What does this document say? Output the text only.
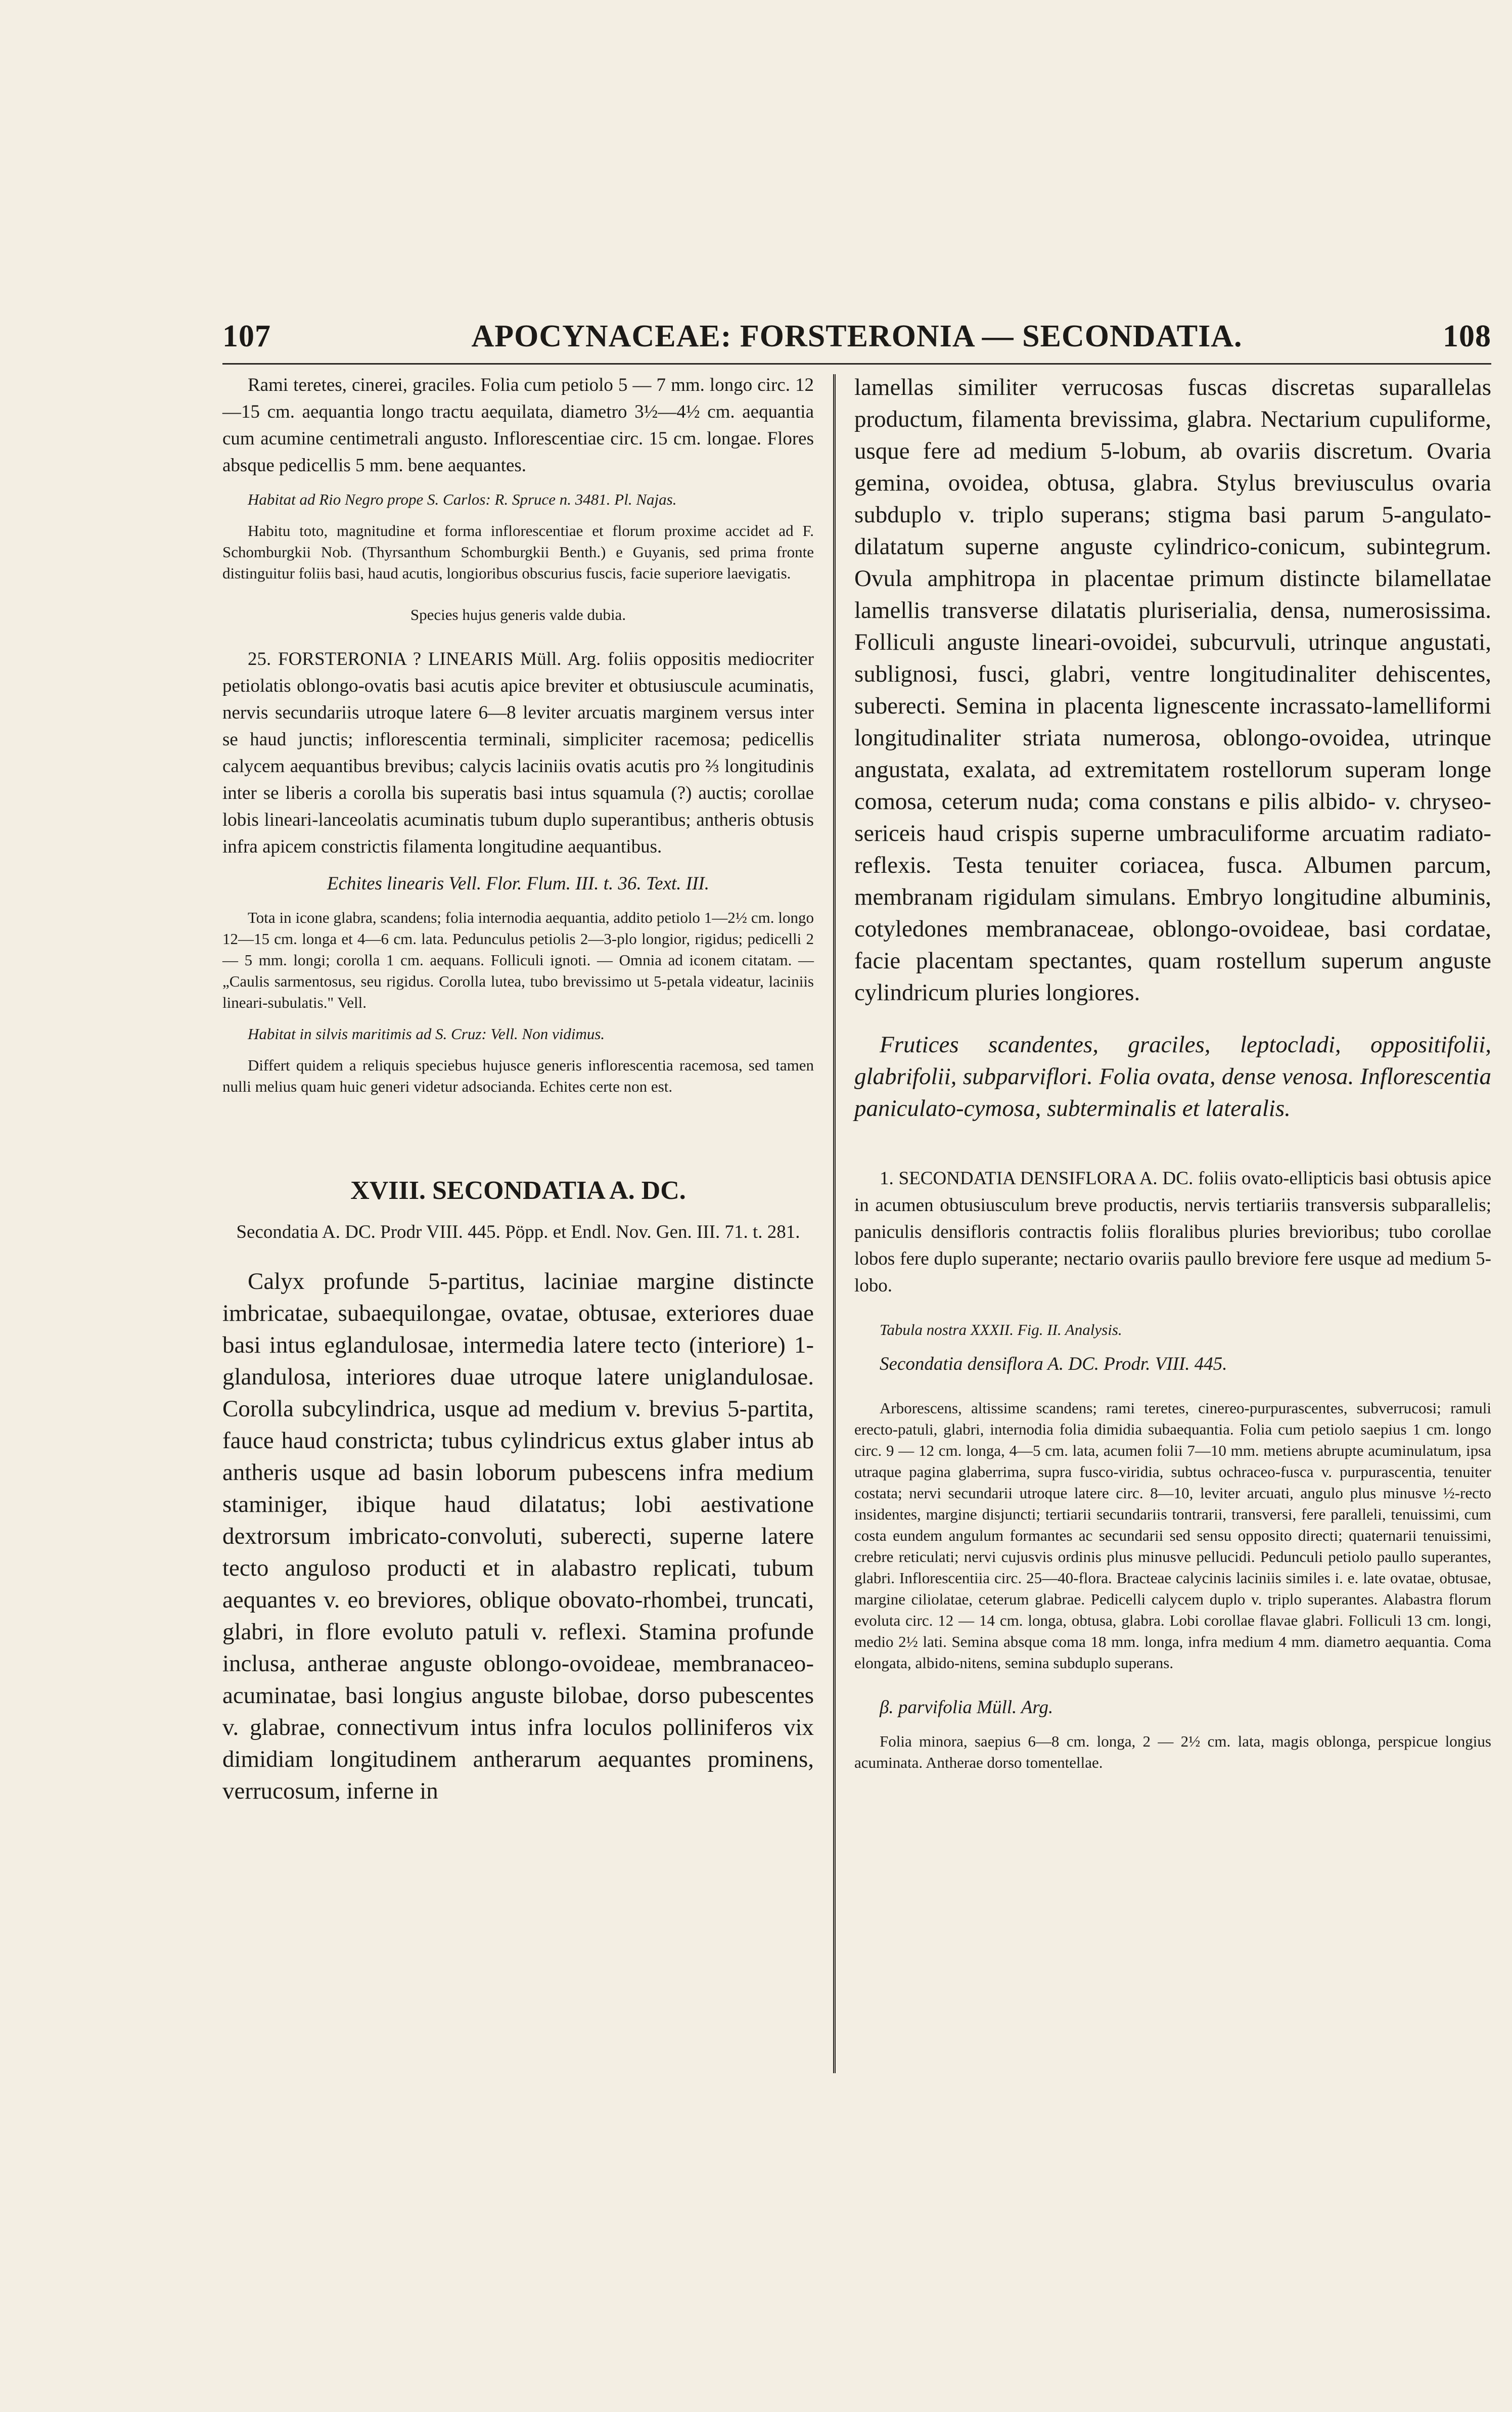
107	APOCYNACEAE: FORSTERONIA — SECONDATIA.	108

Rami teretes, cinerei, graciles. Folia cum petiolo 5 — 7 mm. longo circ. 12—15 cm. aequantia longo tractu aequilata, diametro 3½—4½ cm. aequantia cum acumine centimetrali angusto. Inflorescentiae circ. 15 cm. longae. Flores absque pedicellis 5 mm. bene aequantes.

Habitat ad Rio Negro prope S. Carlos: R. Spruce n. 3481. Pl. Najas.

Habitu toto, magnitudine et forma inflorescentiae et florum proxime accidet ad F. Schomburgkii Nob. (Thyrsanthum Schomburgkii Benth.) e Guyanis, sed prima fronte distinguitur foliis basi, haud acutis, longioribus obscurius fuscis, facie superiore laevigatis.

Species hujus generis valde dubia.

25. FORSTERONIA ? LINEARIS Müll. Arg. foliis oppositis mediocriter petiolatis oblongo-ovatis basi acutis apice breviter et obtusiuscule acuminatis, nervis secundariis utroque latere 6—8 leviter arcuatis marginem versus inter se haud junctis; inflorescentia terminali, simpliciter racemosa; pedicellis calycem aequantibus brevibus; calycis laciniis ovatis acutis pro ⅔ longitudinis inter se liberis a corolla bis superatis basi intus squamula (?) auctis; corollae lobis lineari-lanceolatis acuminatis tubum duplo superantibus; antheris obtusis infra apicem constrictis filamenta longitudine aequantibus.

Echites linearis Vell. Flor. Flum. III. t. 36. Text. III.

Tota in icone glabra, scandens; folia internodia aequantia, addito petiolo 1—2½ cm. longo 12—15 cm. longa et 4—6 cm. lata. Pedunculus petiolis 2—3-plo longior, rigidus; pedicelli 2 — 5 mm. longi; corolla 1 cm. aequans. Folliculi ignoti. — Omnia ad iconem citatam. — „Caulis sarmentosus, seu rigidus. Corolla lutea, tubo brevissimo ut 5-petala videatur, laciniis lineari-subulatis." Vell.

Habitat in silvis maritimis ad S. Cruz: Vell. Non vidimus.

Differt quidem a reliquis speciebus hujusce generis inflorescentia racemosa, sed tamen nulli melius quam huic generi videtur adsocianda. Echites certe non est.

XVIII. SECONDATIA A. DC.

Secondatia A. DC. Prodr VIII. 445. Pöpp. et Endl. Nov. Gen. III. 71. t. 281.

Calyx profunde 5-partitus, laciniae margine distincte imbricatae, subaequilongae, ovatae, obtusae, exteriores duae basi intus eglandulosae, intermedia latere tecto (interiore) 1-glandulosa, interiores duae utroque latere uniglandulosae. Corolla subcylindrica, usque ad medium v. brevius 5-partita, fauce haud constricta; tubus cylindricus extus glaber intus ab antheris usque ad basin loborum pubescens infra medium staminiger, ibique haud dilatatus; lobi aestivatione dextrorsum imbricato-convoluti, suberecti, superne latere tecto anguloso producti et in alabastro replicati, tubum aequantes v. eo breviores, oblique obovato-rhombei, truncati, glabri, in flore evoluto patuli v. reflexi. Stamina profunde inclusa, antherae anguste oblongo-ovoideae, membranaceo-acuminatae, basi longius anguste bilobae, dorso pubescentes v. glabrae, connectivum intus infra loculos polliniferos vix dimidiam longitudinem antherarum aequantes prominens, verrucosum, inferne in

lamellas similiter verrucosas fuscas discretas suparallelas productum, filamenta brevissima, glabra. Nectarium cupuliforme, usque fere ad medium 5-lobum, ab ovariis discretum. Ovaria gemina, ovoidea, obtusa, glabra. Stylus breviusculus ovaria subduplo v. triplo superans; stigma basi parum 5-angulato-dilatatum superne anguste cylindrico-conicum, subintegrum. Ovula amphitropa in placentae primum distincte bilamellatae lamellis transverse dilatatis pluriserialia, densa, numerosissima. Folliculi anguste lineari-ovoidei, subcurvuli, utrinque angustati, sublignosi, fusci, glabri, ventre longitudinaliter dehiscentes, suberecti. Semina in placenta lignescente incrassato-lamelliformi longitudinaliter striata numerosa, oblongo-ovoidea, utrinque angustata, exalata, ad extremitatem rostellorum superam longe comosa, ceterum nuda; coma constans e pilis albido- v. chryseo-sericeis haud crispis superne umbraculiforme arcuatim radiato-reflexis. Testa tenuiter coriacea, fusca. Albumen parcum, membranam rigidulam simulans. Embryo longitudine albuminis, cotyledones membranaceae, oblongo-ovoideae, basi cordatae, facie placentam spectantes, quam rostellum superum anguste cylindricum pluries longiores.

Frutices scandentes, graciles, leptocladi, oppositifolii, glabrifolii, subparviflori. Folia ovata, dense venosa. Inflorescentia paniculato-cymosa, subterminalis et lateralis.

1. SECONDATIA DENSIFLORA A. DC. foliis ovato-ellipticis basi obtusis apice in acumen obtusiusculum breve productis, nervis tertiariis transversis subparallelis; paniculis densifloris contractis foliis floralibus pluries brevioribus; tubo corollae lobos fere duplo superante; nectario ovariis paullo breviore fere usque ad medium 5-lobo.

Tabula nostra XXXII. Fig. II. Analysis.

Secondatia densiflora A. DC. Prodr. VIII. 445.

Arborescens, altissime scandens; rami teretes, cinereo-purpurascentes, subverrucosi; ramuli erecto-patuli, glabri, internodia folia dimidia subaequantia. Folia cum petiolo saepius 1 cm. longo circ. 9 — 12 cm. longa, 4—5 cm. lata, acumen folii 7—10 mm. metiens abrupte acuminulatum, ipsa utraque pagina glaberrima, supra fusco-viridia, subtus ochraceo-fusca v. purpurascentia, tenuiter costata; nervi secundarii utroque latere circ. 8—10, leviter arcuati, angulo plus minusve ½-recto insidentes, margine disjuncti; tertiarii secundariis tontrarii, transversi, fere paralleli, tenuissimi, cum costa eundem angulum formantes ac secundarii sed sensu opposito directi; quaternarii tenuissimi, crebre reticulati; nervi cujusvis ordinis plus minusve pellucidi. Pedunculi petiolo paullo superantes, glabri. Inflorescentiia circ. 25—40-flora. Bracteae calycinis laciniis similes i. e. late ovatae, obtusae, margine ciliolatae, ceterum glabrae. Pedicelli calycem duplo v. triplo superantes. Alabastra florum evoluta circ. 12 — 14 cm. longa, obtusa, glabra. Lobi corollae flavae glabri. Folliculi 13 cm. longi, medio 2½ lati. Semina absque coma 18 mm. longa, infra medium 4 mm. diametro aequantia. Coma elongata, albido-nitens, semina subduplo superans.

β. parvifolia Müll. Arg.

Folia minora, saepius 6—8 cm. longa, 2 — 2½ cm. lata, magis oblonga, perspicue longius acuminata. Antherae dorso tomentellae.
